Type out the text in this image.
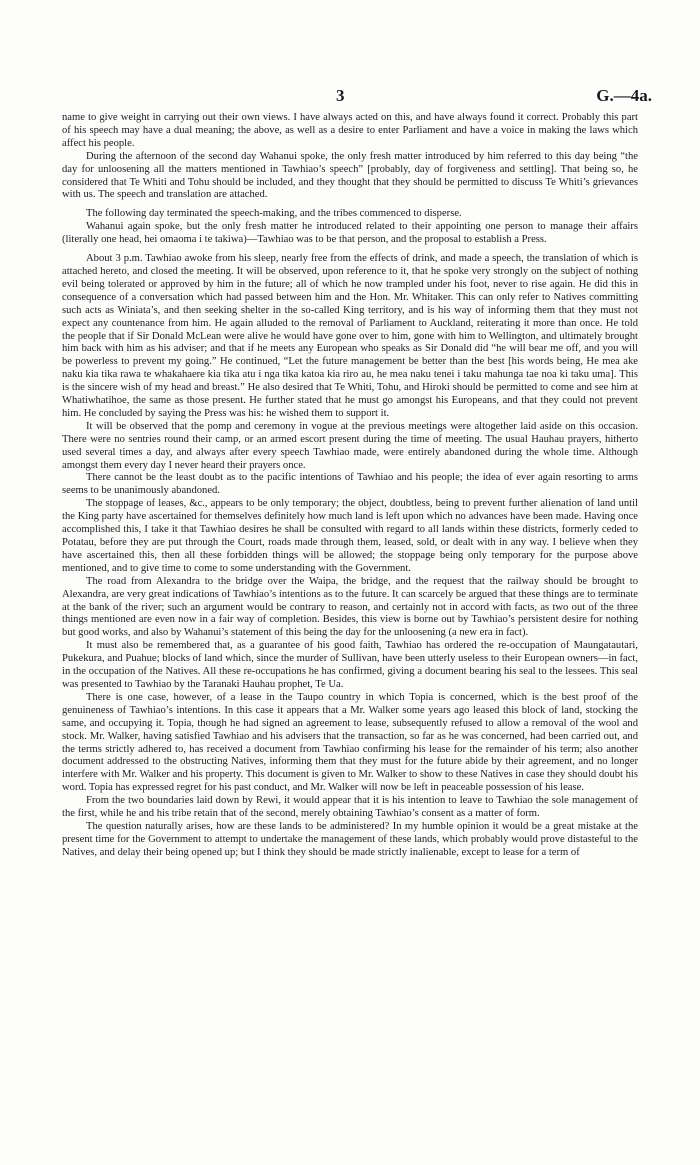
3	G.—4a.

name to give weight in carrying out their own views. I have always acted on this, and have always found it correct. Probably this part of his speech may have a dual meaning; the above, as well as a desire to enter Parliament and have a voice in making the laws which affect his people.

During the afternoon of the second day Wahanui spoke, the only fresh matter introduced by him referred to this day being “the day for unloosening all the matters mentioned in Tawhiao’s speech” [probably, day of forgiveness and settling]. That being so, he considered that Te Whiti and Tohu should be included, and they thought that they should be permitted to discuss Te Whiti’s grievances with us. The speech and translation are attached.

The following day terminated the speech-making, and the tribes commenced to disperse.

Wahanui again spoke, but the only fresh matter he introduced related to their appointing one person to manage their affairs (literally one head, hei omaoma i te takiwa)—Tawhiao was to be that person, and the proposal to establish a Press.

About 3 p.m. Tawhiao awoke from his sleep, nearly free from the effects of drink, and made a speech, the translation of which is attached hereto, and closed the meeting. It will be observed, upon reference to it, that he spoke very strongly on the subject of nothing evil being tolerated or approved by him in the future; all of which he now trampled under his foot, never to rise again. He did this in consequence of a conversation which had passed between him and the Hon. Mr. Whitaker. This can only refer to Natives committing such acts as Winiata’s, and then seeking shelter in the so-called King territory, and is his way of informing them that they must not expect any countenance from him. He again alluded to the removal of Parliament to Auckland, reiterating it more than once. He told the people that if Sir Donald McLean were alive he would have gone over to him, gone with him to Wellington, and ultimately brought him back with him as his adviser; and that if he meets any European who speaks as Sir Donald did “he will bear me off, and you will be powerless to prevent my going.” He continued, “Let the future management be better than the best [his words being, He mea ake naku kia tika rawa te whakahaere kia tika atu i nga tika katoa kia riro au, he mea naku tenei i taku mahunga tae noa ki taku uma]. This is the sincere wish of my head and breast.” He also desired that Te Whiti, Tohu, and Hiroki should be permitted to come and see him at Whatiwhatihoe, the same as those present. He further stated that he must go amongst his Europeans, and that they could not prevent him. He concluded by saying the Press was his: he wished them to support it.

It will be observed that the pomp and ceremony in vogue at the previous meetings were altogether laid aside on this occasion. There were no sentries round their camp, or an armed escort present during the time of meeting. The usual Hauhau prayers, hitherto used several times a day, and always after every speech Tawhiao made, were entirely abandoned during the whole time. Although amongst them every day I never heard their prayers once.

There cannot be the least doubt as to the pacific intentions of Tawhiao and his people; the idea of ever again resorting to arms seems to be unanimously abandoned.

The stoppage of leases, &c., appears to be only temporary; the object, doubtless, being to prevent further alienation of land until the King party have ascertained for themselves definitely how much land is left upon which no advances have been made. Having once accomplished this, I take it that Tawhiao desires he shall be consulted with regard to all lands within these districts, formerly ceded to Potatau, before they are put through the Court, roads made through them, leased, sold, or dealt with in any way. I believe when they have ascertained this, then all these forbidden things will be allowed; the stoppage being only temporary for the purpose above mentioned, and to give time to come to some understanding with the Government.

The road from Alexandra to the bridge over the Waipa, the bridge, and the request that the railway should be brought to Alexandra, are very great indications of Tawhiao’s intentions as to the future. It can scarcely be argued that these things are to terminate at the bank of the river; such an argument would be contrary to reason, and certainly not in accord with facts, as two out of the three things mentioned are even now in a fair way of completion. Besides, this view is borne out by Tawhiao’s persistent desire for nothing but good works, and also by Wahanui’s statement of this being the day for the unloosening (a new era in fact).

It must also be remembered that, as a guarantee of his good faith, Tawhiao has ordered the re-occupation of Maungatautari, Pukekura, and Puahue; blocks of land which, since the murder of Sullivan, have been utterly useless to their European owners—in fact, in the occupation of the Natives. All these re-occupations he has confirmed, giving a document bearing his seal to the lessees. This seal was presented to Tawhiao by the Taranaki Hauhau prophet, Te Ua.

There is one case, however, of a lease in the Taupo country in which Topia is concerned, which is the best proof of the genuineness of Tawhiao’s intentions. In this case it appears that a Mr. Walker some years ago leased this block of land, stocking the same, and occupying it. Topia, though he had signed an agreement to lease, subsequently refused to allow a removal of the wool and stock. Mr. Walker, having satisfied Tawhiao and his advisers that the transaction, so far as he was concerned, had been carried out, and the terms strictly adhered to, has received a document from Tawhiao confirming his lease for the remainder of his term; also another document addressed to the obstructing Natives, informing them that they must for the future abide by their agreement, and no longer interfere with Mr. Walker and his property. This document is given to Mr. Walker to show to these Natives in case they should doubt his word. Topia has expressed regret for his past conduct, and Mr. Walker will now be left in peaceable possession of his lease.

From the two boundaries laid down by Rewi, it would appear that it is his intention to leave to Tawhiao the sole management of the first, while he and his tribe retain that of the second, merely obtaining Tawhiao’s consent as a matter of form.

The question naturally arises, how are these lands to be administered? In my humble opinion it would be a great mistake at the present time for the Government to attempt to undertake the management of these lands, which probably would prove distasteful to the Natives, and delay their being opened up; but I think they should be made strictly inalienable, except to lease for a term of
